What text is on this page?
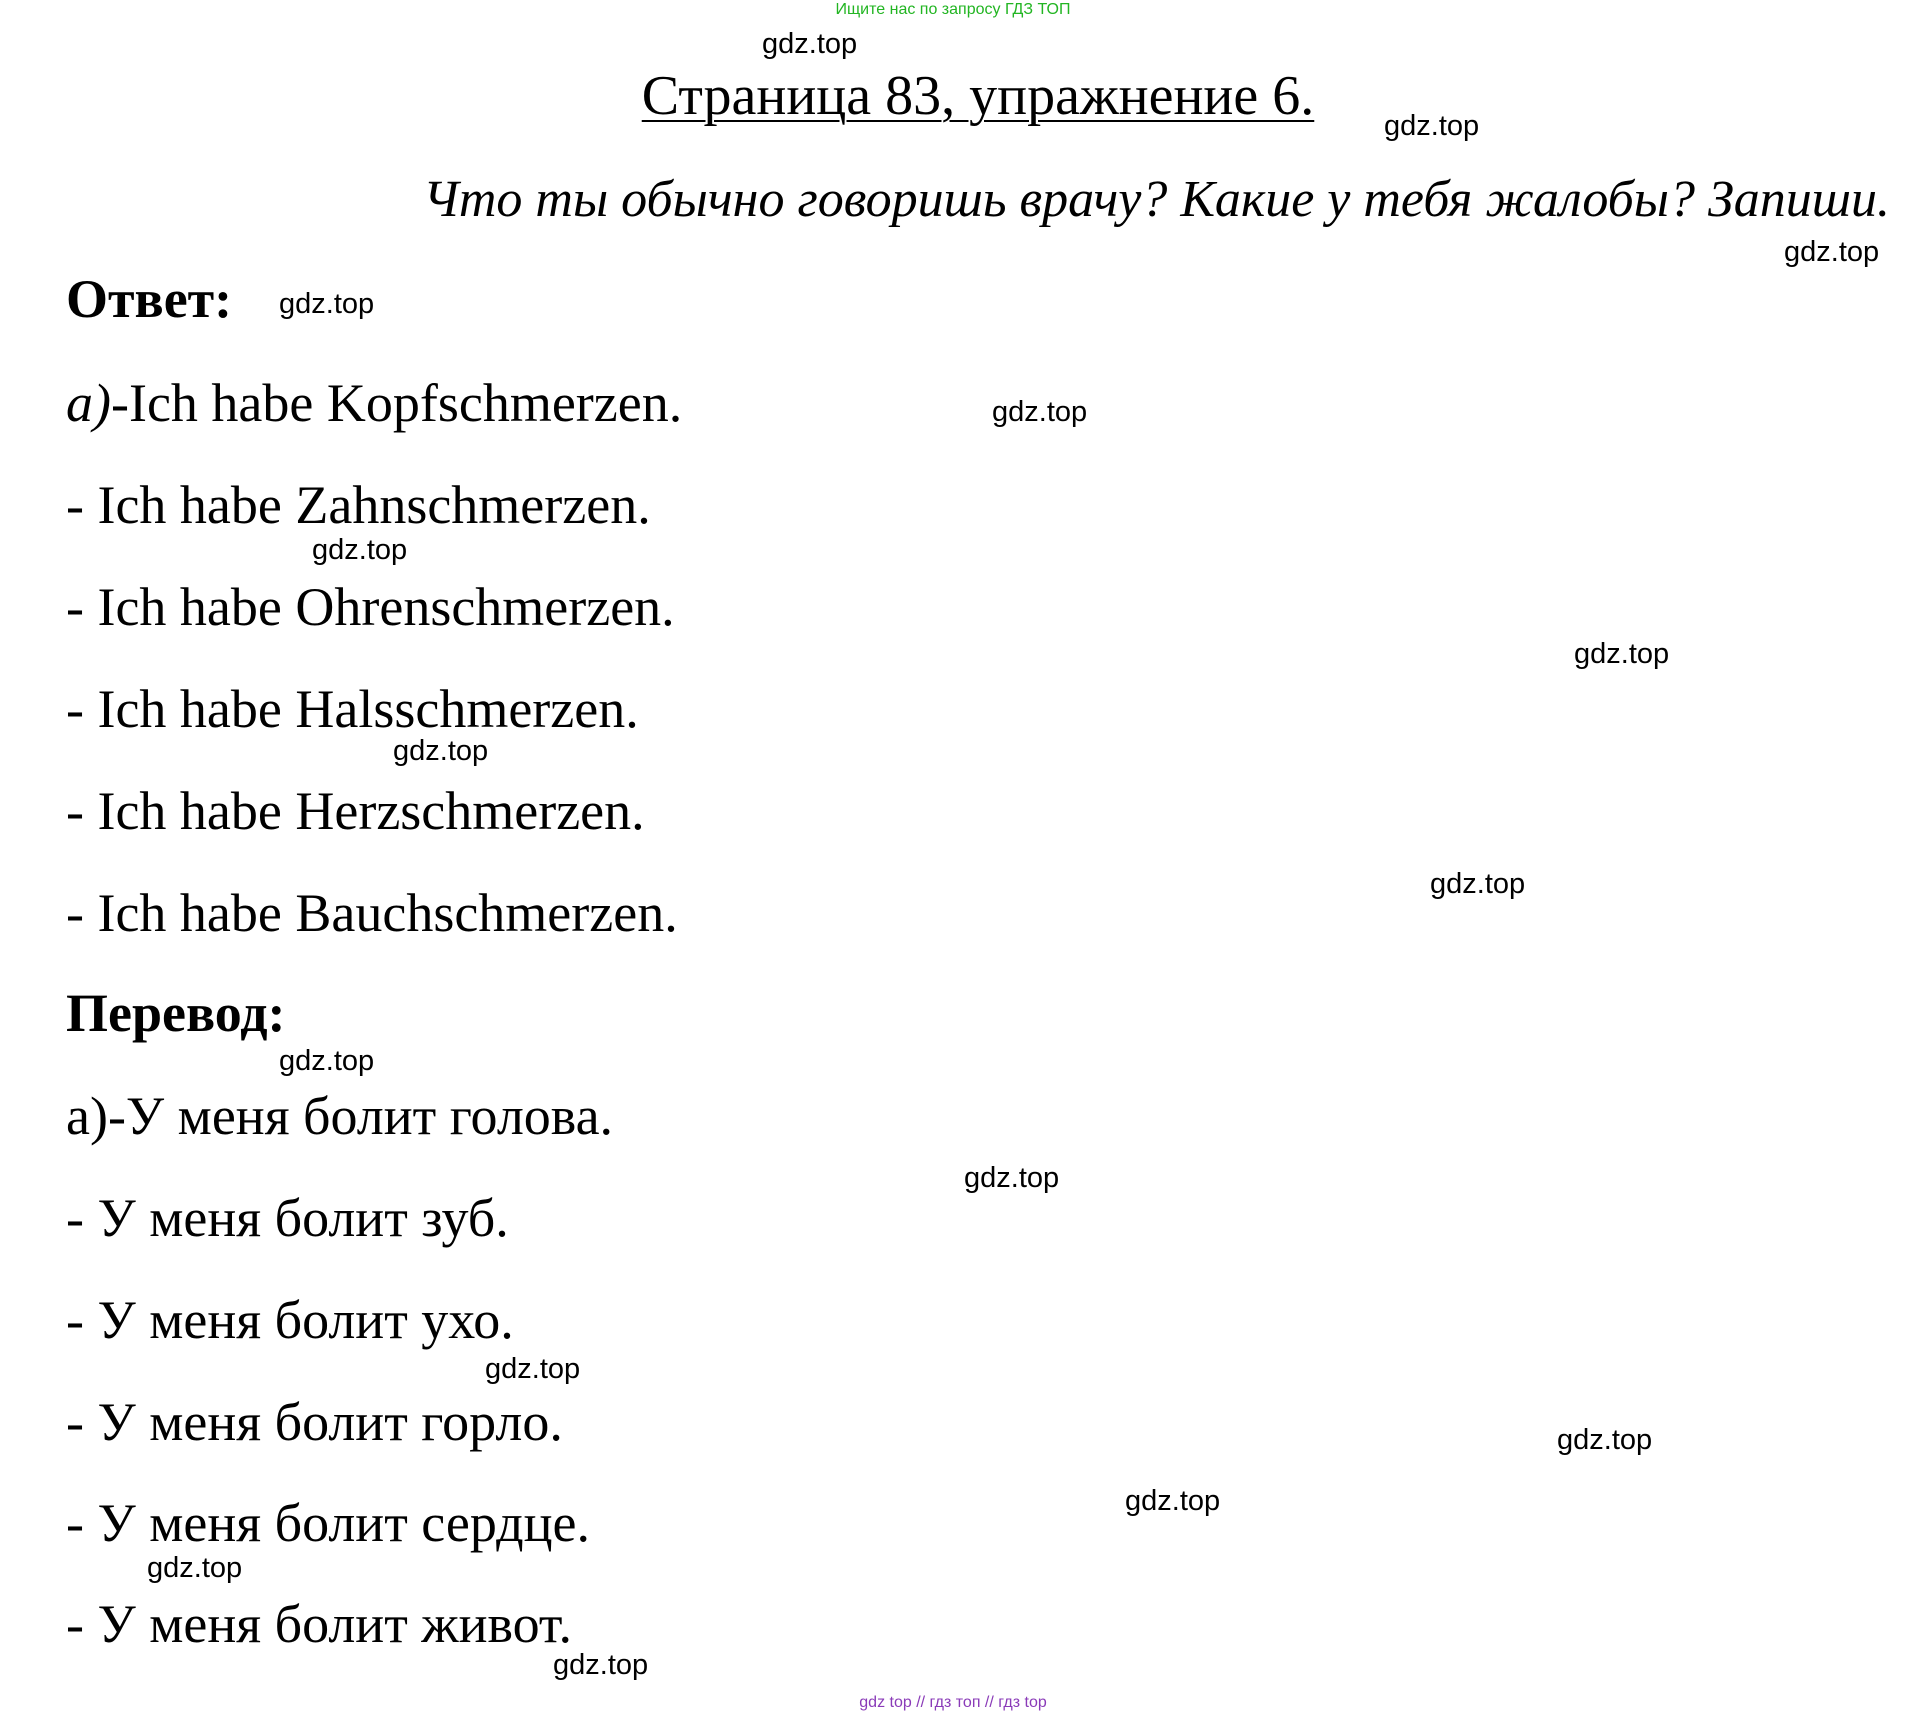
Ищите нас по запросу ГДЗ ТОП
Страница 83, упражнение 6.
Что ты обычно говоришь врачу? Какие у тебя жалобы? Запиши.
Ответ:
а)-Ich habe Kopfschmerzen.
- Ich habe Zahnschmerzen.
- Ich habe Ohrenschmerzen.
- Ich habe Halsschmerzen.
- Ich habe Herzschmerzen.
- Ich habe Bauchschmerzen.
Перевод:
а)-У меня болит голова.
- У меня болит зуб.
- У меня болит ухо.
- У меня болит горло.
- У меня болит сердце.
- У меня болит живот.
gdz.top
gdz.top
gdz.top
gdz.top
gdz.top
gdz.top
gdz.top
gdz.top
gdz.top
gdz.top
gdz.top
gdz.top
gdz.top
gdz.top
gdz.top
gdz.top
gdz top // гдз топ // гдз top
